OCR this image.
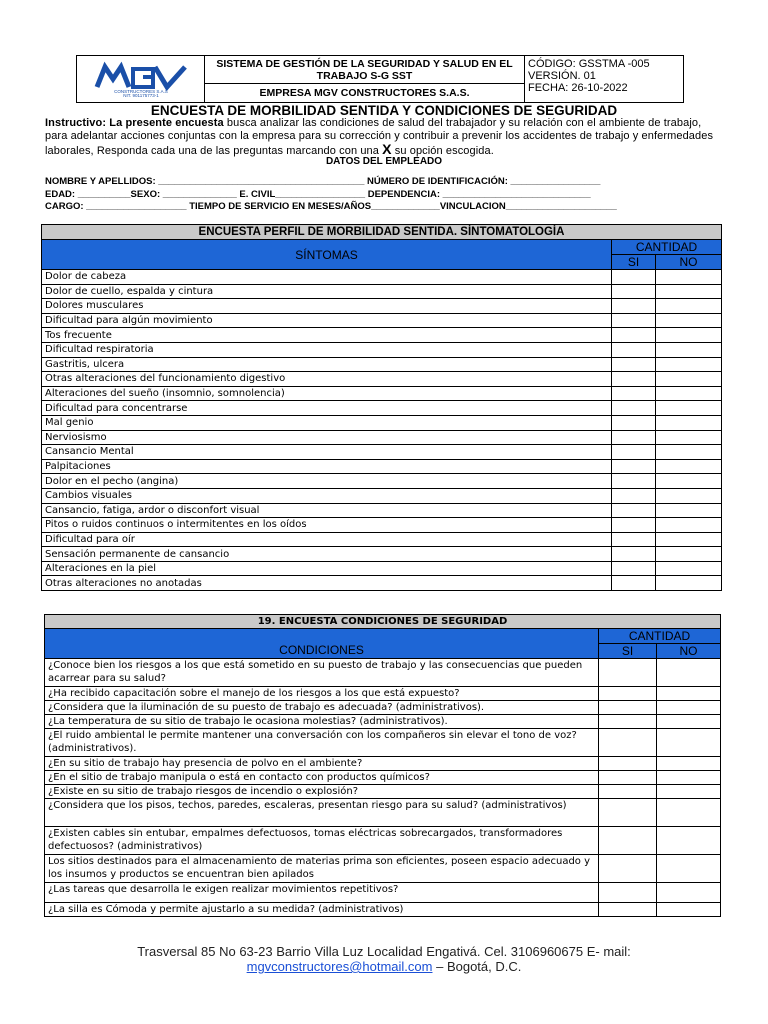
CONSTRUCTORES S.A.S
NIT. 901175773-1
SISTEMA DE GESTIÓN DE LA SEGURIDAD Y SALUD EN EL TRABAJO S-G SST
EMPRESA MGV CONSTRUCTORES S.A.S.
CÓDIGO: GSSTMA -005
VERSIÓN. 01
FECHA: 26-10-2022
ENCUESTA DE MORBILIDAD SENTIDA Y CONDICIONES DE SEGURIDAD
Instructivo: La presente encuesta busca analizar las condiciones de salud del trabajador y su relación con el ambiente de trabajo, para adelantar acciones conjuntas con la empresa para su corrección y contribuir a prevenir los accidentes de trabajo y enfermedades laborales, Responda cada una de las preguntas marcando con una X su opción escogida.
DATOS DEL EMPLEADO
NOMBRE Y APELLIDOS: _______________________________________ NÚMERO DE IDENTIFICACIÓN: _________________
EDAD: __________SEXO: ______________ E. CIVIL_________________ DEPENDENCIA: ____________________________
CARGO: ___________________ TIEMPO DE SERVICIO EN MESES/AÑOS_____________VINCULACION_____________________
ENCUESTA PERFIL DE MORBILIDAD SENTIDA. SÍNTOMATOLOGÍA		
SÍNTOMAS	CANTIDAD	
	SI	NO
Dolor de cabeza		
Dolor de cuello, espalda y cintura		
Dolores musculares		
Dificultad para algún movimiento		
Tos frecuente		
Dificultad respiratoria		
Gastritis, ulcera		
Otras alteraciones del funcionamiento digestivo		
Alteraciones del sueño (insomnio, somnolencia)		
Dificultad para concentrarse		
Mal genio		
Nerviosismo		
Cansancio Mental		
Palpitaciones		
Dolor en el pecho (angina)		
Cambios visuales		
Cansancio, fatiga, ardor o disconfort visual		
Pitos o ruidos continuos o intermitentes en los oídos		
Dificultad para oír		
Sensación permanente de cansancio		
Alteraciones en la piel		
Otras alteraciones no anotadas		
19. ENCUESTA CONDICIONES DE SEGURIDAD		
CONDICIONES	CANTIDAD	
	SI	NO
¿Conoce bien los riesgos a los que está sometido en su puesto de trabajo y las consecuencias que pueden acarrear para su salud?		
¿Ha recibido capacitación sobre el manejo de los riesgos a los que está expuesto?		
¿Considera que la iluminación de su puesto de trabajo es adecuada? (administrativos).		
¿La temperatura de su sitio de trabajo le ocasiona molestias? (administrativos).		
¿El ruido ambiental le permite mantener una conversación con los compañeros sin elevar el tono de voz? (administrativos).		
¿En su sitio de trabajo hay presencia de polvo en el ambiente?		
¿En el sitio de trabajo manipula o está en contacto con productos químicos?		
¿Existe en su sitio de trabajo riesgos de incendio o explosión?		
¿Considera que los pisos, techos, paredes, escaleras, presentan riesgo para su salud? (administrativos)		
¿Existen cables sin entubar, empalmes defectuosos, tomas eléctricas sobrecargados, transformadores defectuosos? (administrativos)		
Los sitios destinados para el almacenamiento de materias prima son eficientes, poseen espacio adecuado y los insumos y productos se encuentran bien apilados		
¿Las tareas que desarrolla le exigen realizar movimientos repetitivos?		
¿La silla es Cómoda y permite ajustarlo a su medida? (administrativos)		
Trasversal 85 No 63-23 Barrio Villa Luz Localidad Engativá. Cel. 3106960675 E- mail:
mgvconstructores@hotmail.com – Bogotá, D.C.
